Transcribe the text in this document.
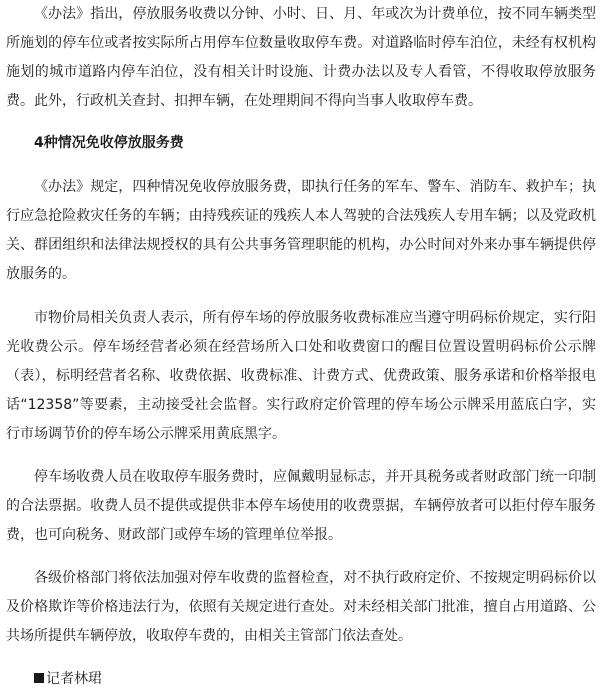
《办法》指出，停放服务收费以分钟、小时、日、月、年或次为计费单位，按不同车辆类型所施划的停车位或者按实际所占用停车位数量收取停车费。对道路临时停车泊位，未经有权机构施划的城市道路内停车泊位，没有相关计时设施、计费办法以及专人看管，不得收取停放服务费。此外，行政机关查封、扣押车辆，在处理期间不得向当事人收取停车费。

4种情况免收停放服务费

《办法》规定，四种情况免收停放服务费，即执行任务的军车、警车、消防车、救护车；执行应急抢险救灾任务的车辆；由持残疾证的残疾人本人驾驶的合法残疾人专用车辆；以及党政机关、群团组织和法律法规授权的具有公共事务管理职能的机构，办公时间对外来办事车辆提供停放服务的。

市物价局相关负责人表示，所有停车场的停放服务收费标准应当遵守明码标价规定，实行阳光收费公示。停车场经营者必须在经营场所入口处和收费窗口的醒目位置设置明码标价公示牌（表），标明经营者名称、收费依据、收费标准、计费方式、优费政策、服务承诺和价格举报电话“12358”等要素，主动接受社会监督。实行政府定价管理的停车场公示牌采用蓝底白字，实行市场调节价的停车场公示牌采用黄底黑字。

停车场收费人员在收取停车服务费时，应佩戴明显标志，并开具税务或者财政部门统一印制的合法票据。收费人员不提供或提供非本停车场使用的收费票据，车辆停放者可以拒付停车服务费，也可向税务、财政部门或停车场的管理单位举报。

各级价格部门将依法加强对停车收费的监督检查，对不执行政府定价、不按规定明码标价以及价格欺诈等价格违法行为，依照有关规定进行查处。对未经相关部门批准，擅自占用道路、公共场所提供车辆停放，收取停车费的，由相关主管部门依法查处。

记者林珺
